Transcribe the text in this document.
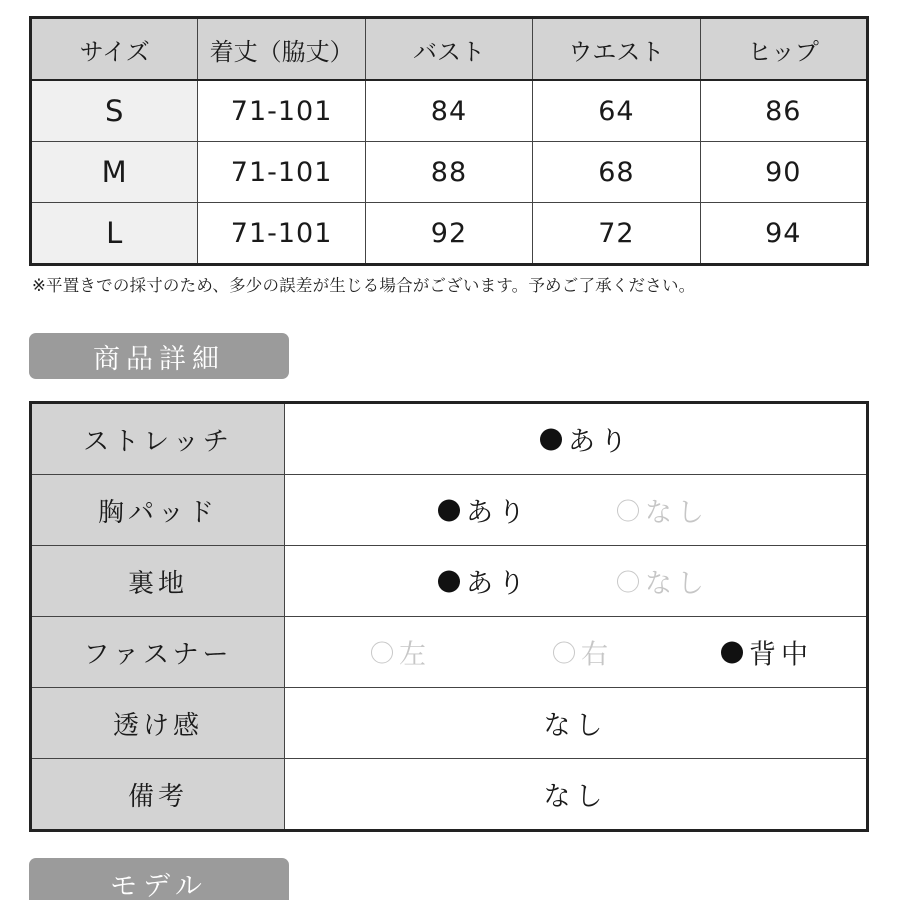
サイズ	着丈（脇丈）	バスト	ウエスト	ヒップ
S	71-101	84	64	86
M	71-101	88	68	90
L	71-101	92	72	94
※平置きでの採寸のため、多少の誤差が生じる場合がございます。予めご了承ください。
商品詳細
ストレッチ	あり

胸パッド	あり なし

裏地	あり なし

ファスナー	左 右 背中

透け感	なし

備考	なし
モデル
